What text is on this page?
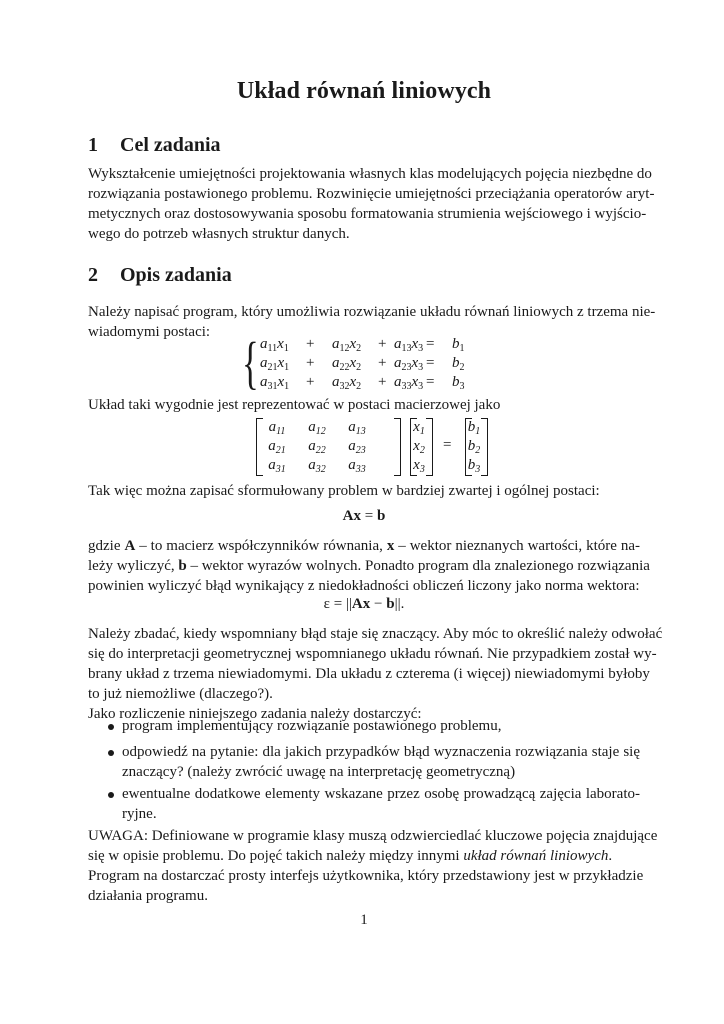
Układ równań liniowych
1 Cel zadania
Wykształcenie umiejętności projektowania własnych klas modelujących pojęcia niezbędne do
rozwiązania postawionego problemu. Rozwinięcie umiejętności przeciążania operatorów aryt-
metycznych oraz dostosowywania sposobu formatowania strumienia wejściowego i wyjścio-
wego do potrzeb własnych struktur danych.
2 Opis zadania
Należy napisać program, który umożliwia rozwiązanie układu równań liniowych z trzema nie-
wiadomymi postaci: { $a_{11}x_1 + a_{12}x_2 + a_{13}x_3 = b_1$
$a_{21}x_1 + a_{22}x_2 + a_{23}x_3 = b_2$
$a_{31}x_1 + a_{32}x_2 + a_{33}x_3 = b_3$
Układ taki wygodnie jest reprezentować w postaci macierzowej jako
$a_{11}$	$a_{12}$	$a_{13}$
$a_{21}$	$a_{22}$	$a_{23}$
$a_{31}$	$a_{32}$	$a_{33}$
$x_1$
$x_2$
$x_3$
$b_1$
$b_2$
$b_3$
=
Tak więc można zapisać sformułowany problem w bardziej zwartej i ogólnej postaci:
Ax = b
gdzie A – to macierz współczynników równania, x – wektor nieznanych wartości, które na-
leży wyliczyć, b – wektor wyrazów wolnych. Ponadto program dla znalezionego rozwiązania
powinien wyliczyć błąd wynikający z niedokładności obliczeń liczony jako norma wektora:
ε = ||Ax − b||.
Należy zbadać, kiedy wspomniany błąd staje się znaczący. Aby móc to określić należy odwołać
się do interpretacji geometrycznej wspomnianego układu równań. Nie przypadkiem został wy-
brany układ z trzema niewiadomymi. Dla układu z czterema (i więcej) niewiadomymi byłoby
to już niemożliwe (dlaczego?).
Jako rozliczenie niniejszego zadania należy dostarczyć:
program implementujący rozwiązanie postawionego problemu,
odpowiedź na pytanie: dla jakich przypadków błąd wyznaczenia rozwiązania staje się
znaczący? (należy zwrócić uwagę na interpretację geometryczną)
ewentualne dodatkowe elementy wskazane przez osobę prowadzącą zajęcia laborato-
ryjne.
UWAGA: Definiowane w programie klasy muszą odzwierciedlać kluczowe pojęcia znajdujące
się w opisie problemu. Do pojęć takich należy między innymi układ równań liniowych.
Program na dostarczać prosty interfejs użytkownika, który przedstawiony jest w przykładzie
działania programu.
1
